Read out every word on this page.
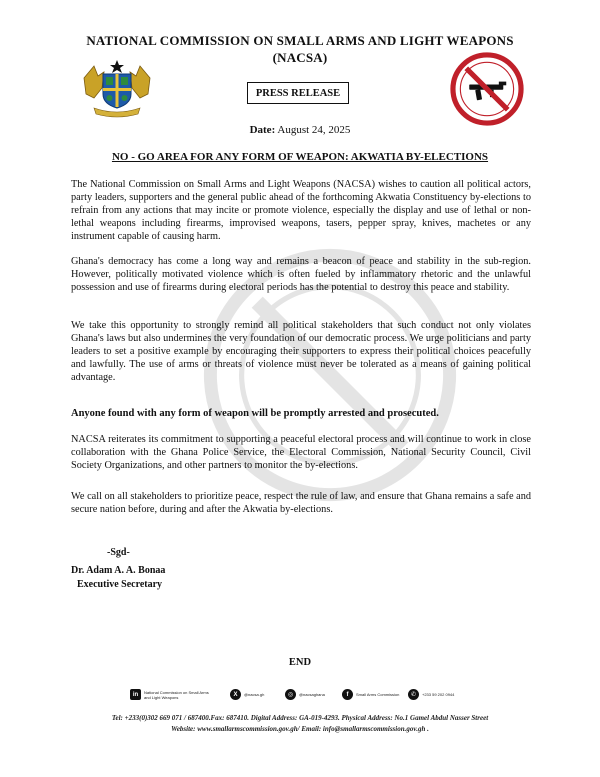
NATIONAL COMMISSION ON SMALL ARMS AND LIGHT WEAPONS
(NACSA)
PRESS RELEASE
Date: August 24, 2025
NO - GO AREA FOR ANY FORM OF WEAPON: AKWATIA BY-ELECTIONS

The National Commission on Small Arms and Light Weapons (NACSA) wishes to caution all political actors, party leaders, supporters and the general public ahead of the forthcoming Akwatia Constituency by-elections to refrain from any actions that may incite or promote violence, especially the display and use of lethal or non-lethal weapons including firearms, improvised weapons, tasers, pepper spray, knives, machetes or any instrument capable of causing harm.

Ghana's democracy has come a long way and remains a beacon of peace and stability in the sub-region. However, politically motivated violence which is often fueled by inflammatory rhetoric and the unlawful possession and use of firearms during electoral periods has the potential to destroy this peace and stability.

We take this opportunity to strongly remind all political stakeholders that such conduct not only violates Ghana's laws but also undermines the very foundation of our democratic process. We urge politicians and party leaders to set a positive example by encouraging their supporters to express their political choices peacefully and lawfully. The use of arms or threats of violence must never be tolerated as a means of gaining political advantage.

Anyone found with any form of weapon will be promptly arrested and prosecuted.

NACSA reiterates its commitment to supporting a peaceful electoral process and will continue to work in close collaboration with the Ghana Police Service, the Electoral Commission, National Security Council, Civil Society Organizations, and other partners to monitor the by-elections.

We call on all stakeholders to prioritize peace, respect the rule of law, and ensure that Ghana remains a safe and secure nation before, during and after the Akwatia by-elections.

-Sgd-
Dr. Adam A. A. Bonaa
Executive Secretary
END
in	National Commission on Small Arms and Light Weapons	X	@nacsa.gh	◎	@nacsaghana	f	Small Arms Commission	✆	+233 59 202 0944
Tel: +233(0)302 669 071 / 687400.Fax: 687410. Digital Address: GA-019-4293. Physical Address: No.1 Gamel Abdul Nasser Street
Website: www.smallarmscommission.gov.gh/ Email: info@smallarmscommission.gov.gh .
